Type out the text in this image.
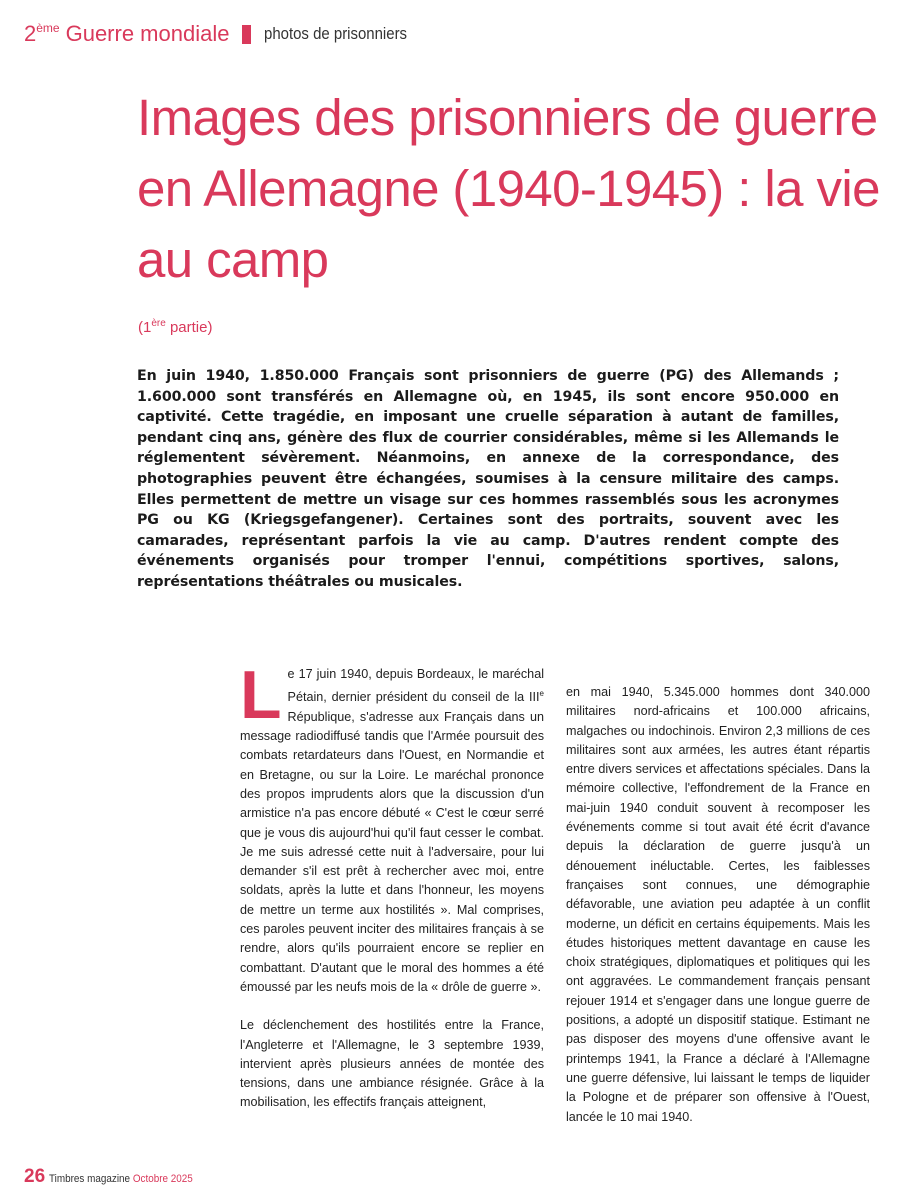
2ème Guerre mondiale photos de prisonniers
Images des prisonniers de guerre en Allemagne (1940-1945) : la vie au camp
(1ère partie)

En juin 1940, 1.850.000 Français sont prisonniers de guerre (PG) des Allemands ; 1.600.000 sont transférés en Allemagne où, en 1945, ils sont encore 950.000 en captivité. Cette tragédie, en imposant une cruelle séparation à autant de familles, pendant cinq ans, génère des flux de courrier considérables, même si les Allemands le réglementent sévèrement. Néanmoins, en annexe de la correspondance, des photographies peuvent être échangées, soumises à la censure militaire des camps. Elles permettent de mettre un visage sur ces hommes rassemblés sous les acronymes PG ou KG (Kriegsgefangener). Certaines sont des portraits, souvent avec les camarades, représentant parfois la vie au camp. D'autres rendent compte des événements organisés pour tromper l'ennui, compétitions sportives, salons, représentations théâtrales ou musicales.

Le 17 juin 1940, depuis Bordeaux, le maréchal Pétain, dernier président du conseil de la IIIe République, s'adresse aux Français dans un message radiodiffusé tandis que l'Armée poursuit des combats retardateurs dans l'Ouest, en Normandie et en Bretagne, ou sur la Loire. Le maréchal prononce des propos imprudents alors que la discussion d'un armistice n'a pas encore débuté « C'est le cœur serré que je vous dis aujourd'hui qu'il faut cesser le combat. Je me suis adressé cette nuit à l'adversaire, pour lui demander s'il est prêt à rechercher avec moi, entre soldats, après la lutte et dans l'honneur, les moyens de mettre un terme aux hostilités ». Mal comprises, ces paroles peuvent inciter des militaires français à se rendre, alors qu'ils pourraient encore se replier en combattant. D'autant que le moral des hommes a été émoussé par les neufs mois de la « drôle de guerre ».

Le déclenchement des hostilités entre la France, l'Angleterre et l'Allemagne, le 3 septembre 1939, intervient après plusieurs années de montée des tensions, dans une ambiance résignée. Grâce à la mobilisation, les effectifs français atteignent,

en mai 1940, 5.345.000 hommes dont 340.000 militaires nord-africains et 100.000 africains, malgaches ou indochinois. Environ 2,3 millions de ces militaires sont aux armées, les autres étant répartis entre divers services et affectations spéciales. Dans la mémoire collective, l'effondrement de la France en mai-juin 1940 conduit souvent à recomposer les événements comme si tout avait été écrit d'avance depuis la déclaration de guerre jusqu'à un dénouement inéluctable. Certes, les faiblesses françaises sont connues, une démographie défavorable, une aviation peu adaptée à un conflit moderne, un déficit en certains équipements. Mais les études historiques mettent davantage en cause les choix stratégiques, diplomatiques et politiques qui les ont aggravées. Le commandement français pensant rejouer 1914 et s'engager dans une longue guerre de positions, a adopté un dispositif statique. Estimant ne pas disposer des moyens d'une offensive avant le printemps 1941, la France a déclaré à l'Allemagne une guerre défensive, lui laissant le temps de liquider la Pologne et de préparer son offensive à l'Ouest, lancée le 10 mai 1940.

26 Timbres magazine Octobre 2025
